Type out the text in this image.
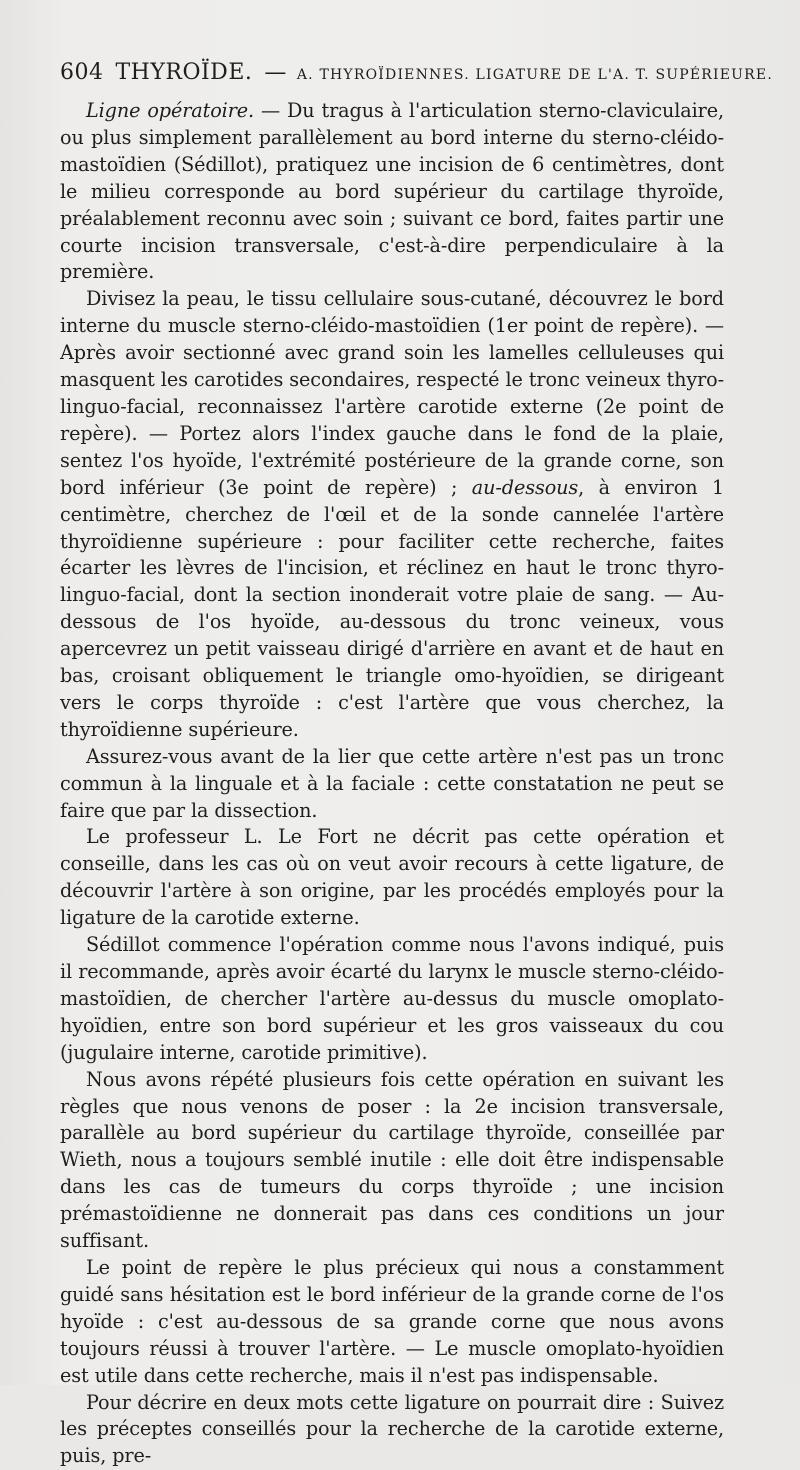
604 THYROÏDE. — A. THYROÏDIENNES. LIGATURE DE L'A. T. SUPÉRIEURE.

Ligne opératoire. — Du tragus à l'articulation sterno-claviculaire, ou plus simplement parallèlement au bord interne du sterno-cléido-mastoïdien (Sédillot), pratiquez une incision de 6 centimètres, dont le milieu corresponde au bord supérieur du cartilage thyroïde, préalablement reconnu avec soin ; suivant ce bord, faites partir une courte incision transversale, c'est-à-dire perpendiculaire à la première.

Divisez la peau, le tissu cellulaire sous-cutané, découvrez le bord interne du muscle sterno-cléido-mastoïdien (1er point de repère). — Après avoir sectionné avec grand soin les lamelles celluleuses qui masquent les carotides secondaires, respecté le tronc veineux thyro-linguo-facial, reconnaissez l'artère carotide externe (2e point de repère). — Portez alors l'index gauche dans le fond de la plaie, sentez l'os hyoïde, l'extrémité postérieure de la grande corne, son bord inférieur (3e point de repère) ; au-dessous, à environ 1 centimètre, cherchez de l'œil et de la sonde cannelée l'artère thyroïdienne supérieure : pour faciliter cette recherche, faites écarter les lèvres de l'incision, et réclinez en haut le tronc thyro-linguo-facial, dont la section inonderait votre plaie de sang. — Au-dessous de l'os hyoïde, au-dessous du tronc veineux, vous apercevrez un petit vaisseau dirigé d'arrière en avant et de haut en bas, croisant obliquement le triangle omo-hyoïdien, se dirigeant vers le corps thyroïde : c'est l'artère que vous cherchez, la thyroïdienne supérieure.

Assurez-vous avant de la lier que cette artère n'est pas un tronc commun à la linguale et à la faciale : cette constatation ne peut se faire que par la dissection.

Le professeur L. Le Fort ne décrit pas cette opération et conseille, dans les cas où on veut avoir recours à cette ligature, de découvrir l'artère à son origine, par les procédés employés pour la ligature de la carotide externe.

Sédillot commence l'opération comme nous l'avons indiqué, puis il recommande, après avoir écarté du larynx le muscle sterno-cléido-mastoïdien, de chercher l'artère au-dessus du muscle omoplato-hyoïdien, entre son bord supérieur et les gros vaisseaux du cou (jugulaire interne, carotide primitive).

Nous avons répété plusieurs fois cette opération en suivant les règles que nous venons de poser : la 2e incision transversale, parallèle au bord supérieur du cartilage thyroïde, conseillée par Wieth, nous a toujours semblé inutile : elle doit être indispensable dans les cas de tumeurs du corps thyroïde ; une incision prémastoïdienne ne donnerait pas dans ces conditions un jour suffisant.

Le point de repère le plus précieux qui nous a constamment guidé sans hésitation est le bord inférieur de la grande corne de l'os hyoïde : c'est au-dessous de sa grande corne que nous avons toujours réussi à trouver l'artère. — Le muscle omoplato-hyoïdien est utile dans cette recherche, mais il n'est pas indispensable.

Pour décrire en deux mots cette ligature on pourrait dire : Suivez les préceptes conseillés pour la recherche de la carotide externe, puis, pre-
